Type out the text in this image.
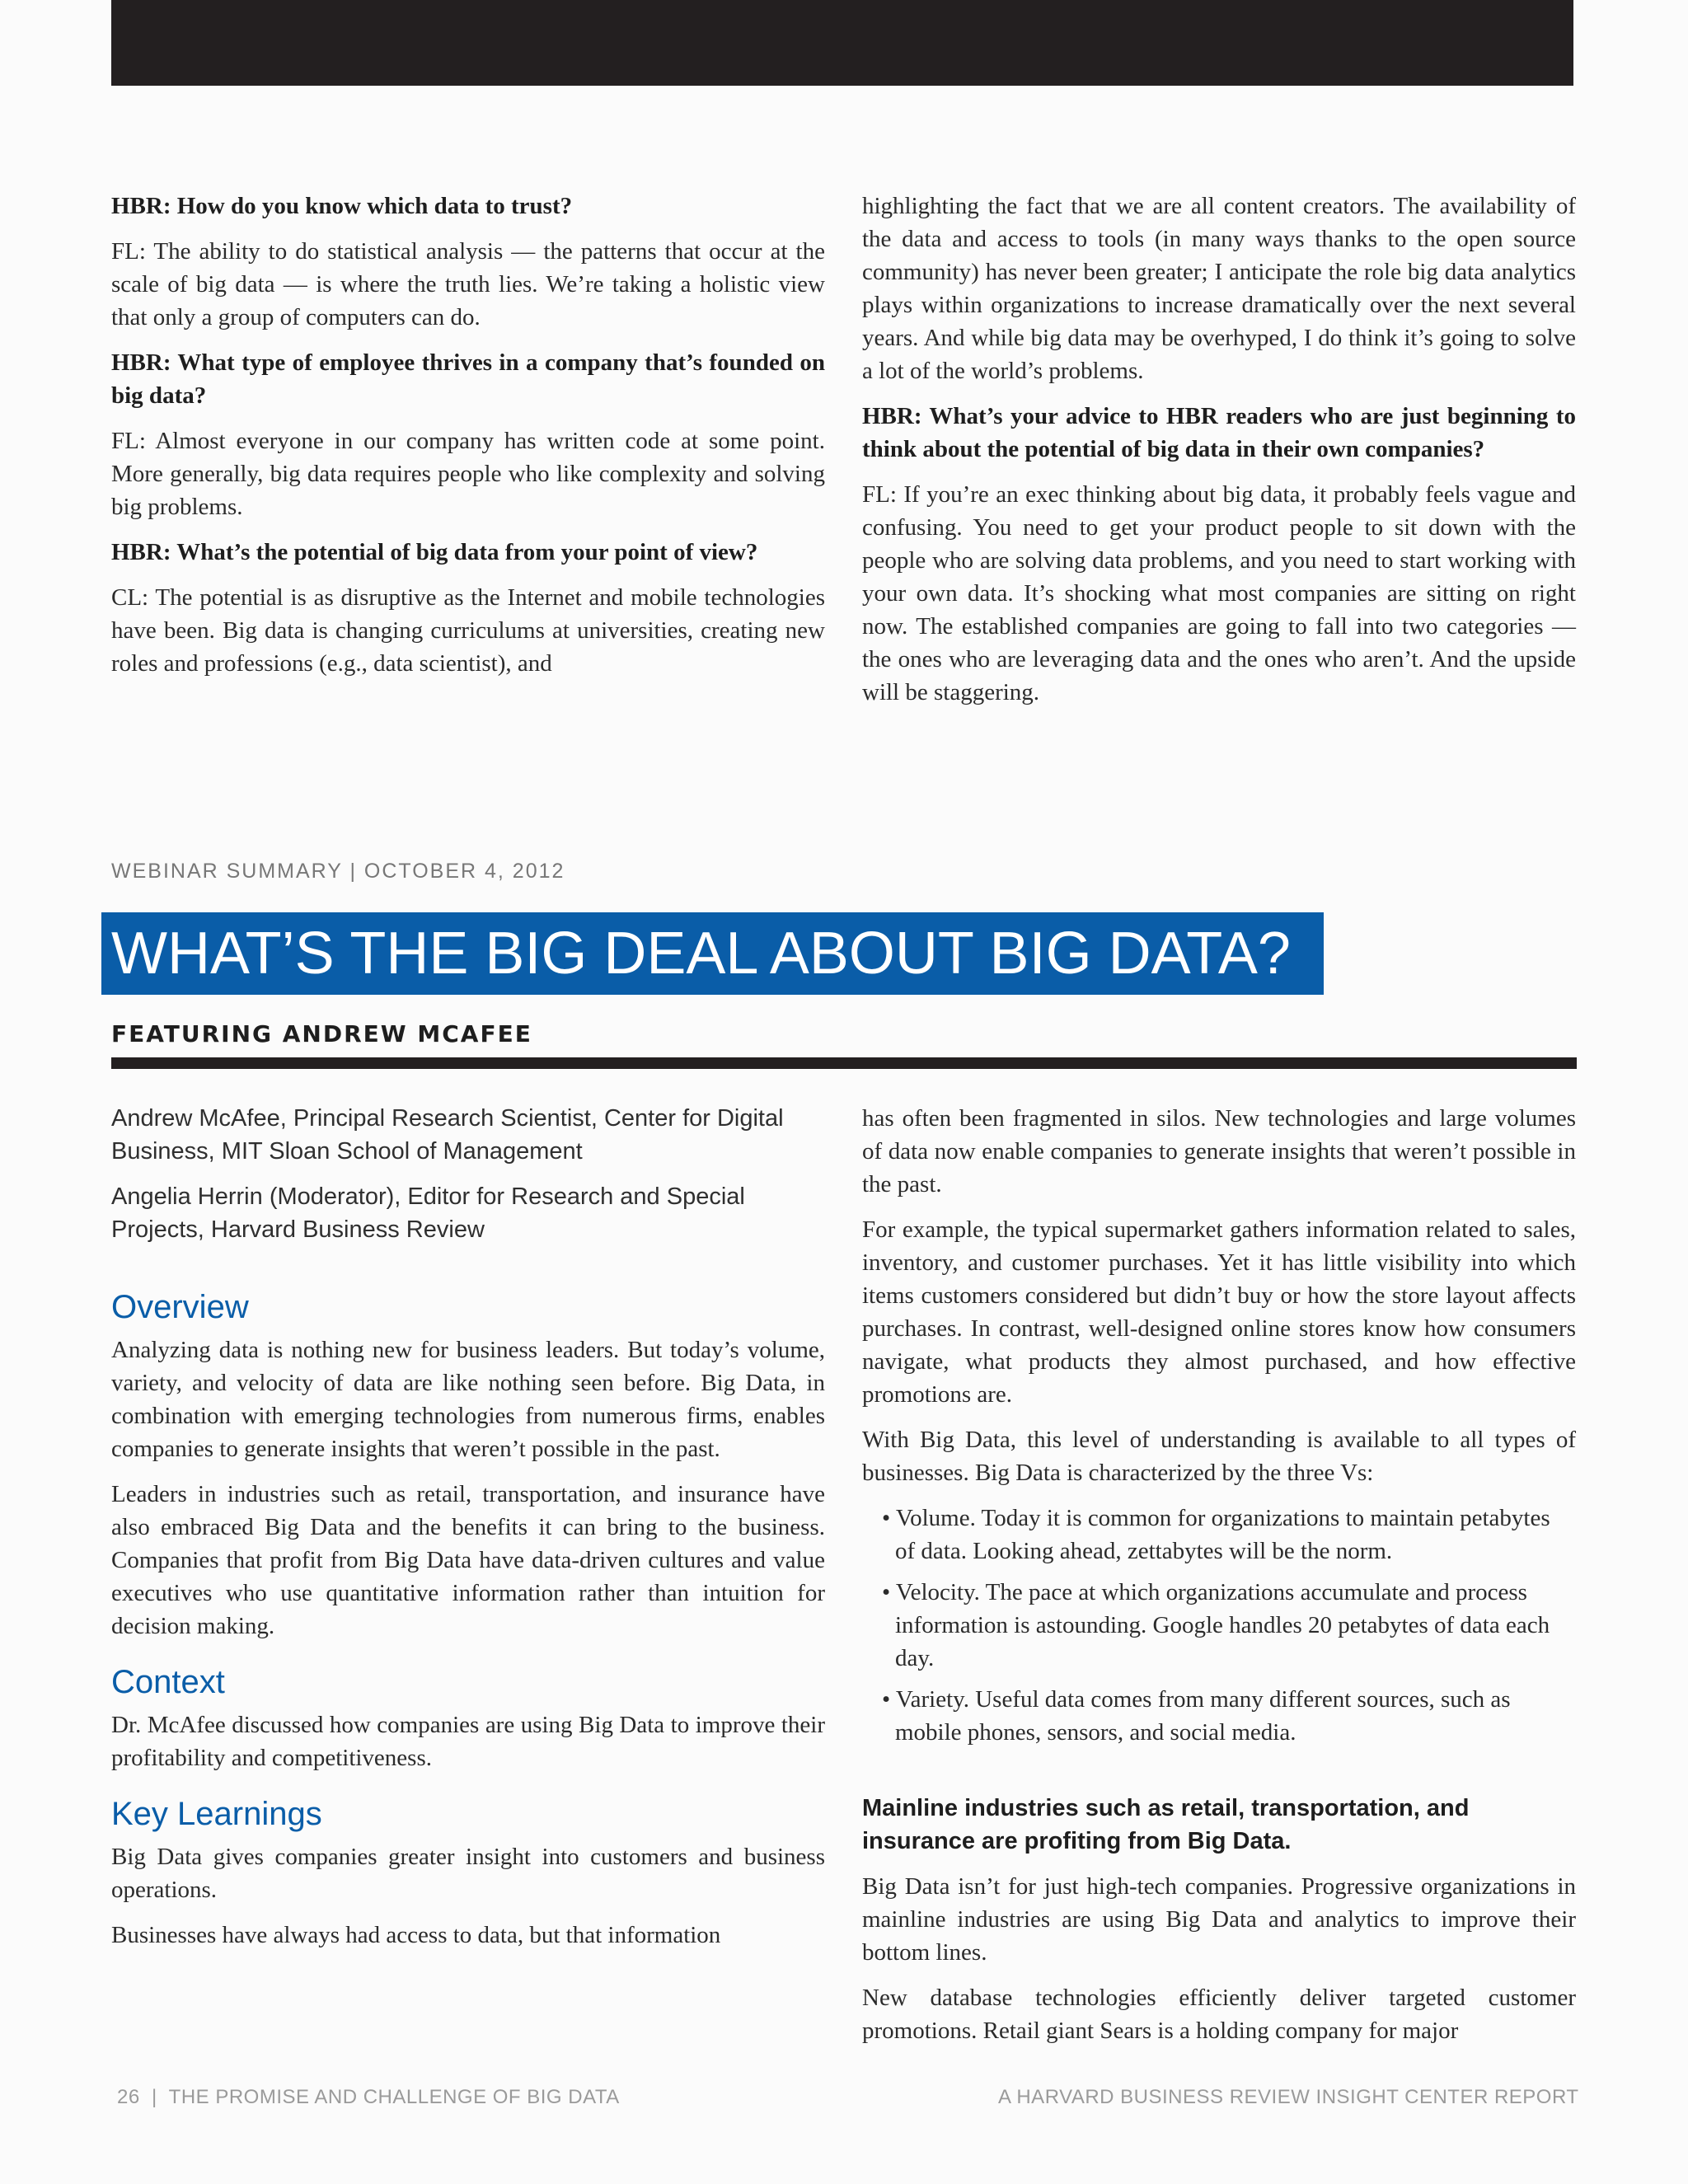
HBR: How do you know which data to trust?

FL: The ability to do statistical analysis — the patterns that occur at the scale of big data — is where the truth lies. We’re taking a holistic view that only a group of computers can do.

HBR: What type of employee thrives in a company that’s founded on big data?

FL: Almost everyone in our company has written code at some point. More generally, big data requires people who like complexity and solving big problems.

HBR: What’s the potential of big data from your point of view?

CL: The potential is as disruptive as the Internet and mobile technologies have been. Big data is changing curriculums at universities, creating new roles and professions (e.g., data scientist), and

highlighting the fact that we are all content creators. The availability of the data and access to tools (in many ways thanks to the open source community) has never been greater; I anticipate the role big data analytics plays within organizations to increase dramatically over the next several years. And while big data may be overhyped, I do think it’s going to solve a lot of the world’s problems.

HBR: What’s your advice to HBR readers who are just beginning to think about the potential of big data in their own companies?

FL: If you’re an exec thinking about big data, it probably feels vague and confusing. You need to get your product people to sit down with the people who are solving data problems, and you need to start working with your own data. It’s shocking what most companies are sitting on right now. The established companies are going to fall into two categories — the ones who are leveraging data and the ones who aren’t. And the upside will be staggering.

WEBINAR SUMMARY | OCTOBER 4, 2012
WHAT’S THE BIG DEAL ABOUT BIG DATA?
FEATURING ANDREW MCAFEE

Andrew McAfee, Principal Research Scientist, Center for Digital Business, MIT Sloan School of Management

Angelia Herrin (Moderator), Editor for Research and Special Projects, Harvard Business Review

Overview

Analyzing data is nothing new for business leaders. But today’s volume, variety, and velocity of data are like nothing seen before. Big Data, in combination with emerging technologies from numerous firms, enables companies to generate insights that weren’t possible in the past.

Leaders in industries such as retail, transportation, and insurance have also embraced Big Data and the benefits it can bring to the business. Companies that profit from Big Data have data-driven cultures and value executives who use quantitative information rather than intuition for decision making.

Context

Dr. McAfee discussed how companies are using Big Data to improve their profitability and competitiveness.

Key Learnings

Big Data gives companies greater insight into customers and business operations.

Businesses have always had access to data, but that information

has often been fragmented in silos. New technologies and large volumes of data now enable companies to generate insights that weren’t possible in the past.

For example, the typical supermarket gathers information related to sales, inventory, and customer purchases. Yet it has little visibility into which items customers considered but didn’t buy or how the store layout affects purchases. In contrast, well-designed online stores know how consumers navigate, what products they almost purchased, and how effective promotions are.

With Big Data, this level of understanding is available to all types of businesses. Big Data is characterized by the three Vs:

• Volume. Today it is common for organizations to maintain petabytes of data. Looking ahead, zettabytes will be the norm.
• Velocity. The pace at which organizations accumulate and process information is astounding. Google handles 20 petabytes of data each day.
• Variety. Useful data comes from many different sources, such as mobile phones, sensors, and social media.
Mainline industries such as retail, transportation, and insurance are profiting from Big Data.

Big Data isn’t for just high-tech companies. Progressive organizations in mainline industries are using Big Data and analytics to improve their bottom lines.

New database technologies efficiently deliver targeted customer promotions. Retail giant Sears is a holding company for major

26  |  THE PROMISE AND CHALLENGE OF BIG DATA	A HARVARD BUSINESS REVIEW INSIGHT CENTER REPORT
